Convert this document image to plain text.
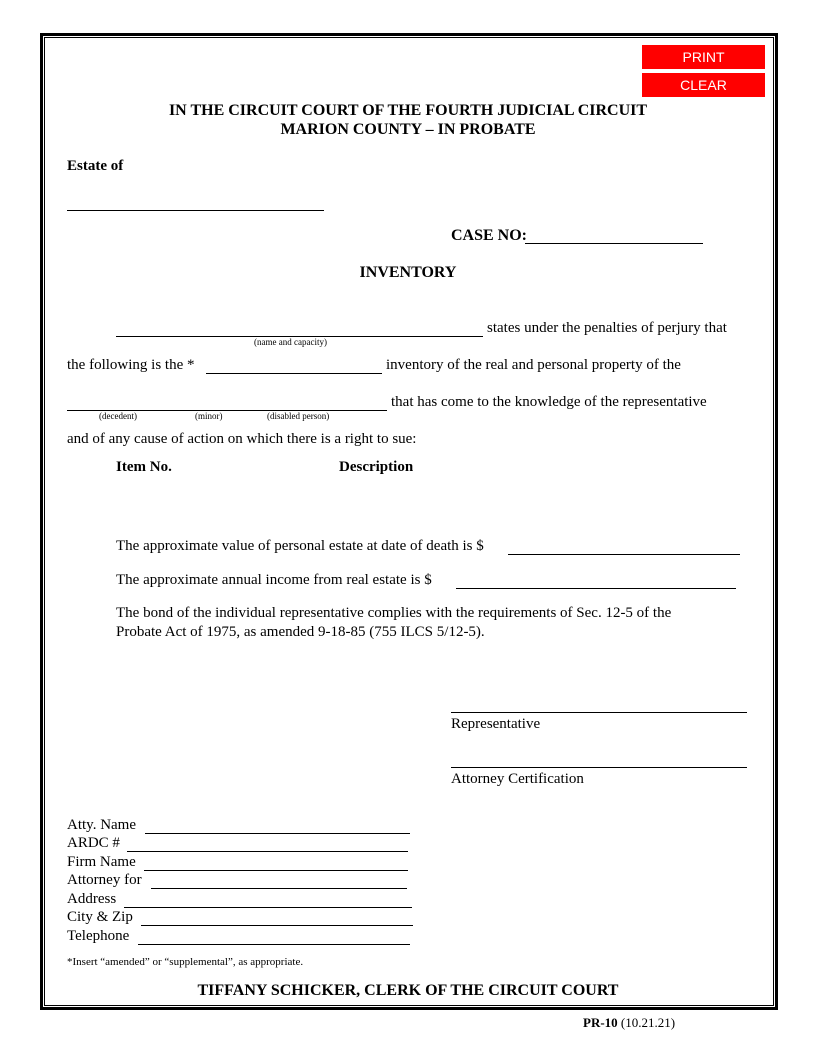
PRINT
CLEAR
IN THE CIRCUIT COURT OF THE FOURTH JUDICIAL CIRCUIT
MARION COUNTY – IN PROBATE
Estate of
CASE NO:
INVENTORY
states under the penalties of perjury that
(name and capacity)
the following is the *	inventory of the real and personal property of the
that has come to the knowledge of the representative
(decedent)	(minor)	(disabled person)
and of any cause of action on which there is a right to sue:
Item No.	Description
The approximate value of personal estate at date of death is $
The approximate annual income from real estate is $
The bond of the individual representative complies with the requirements of Sec. 12-5 of the
Probate Act of 1975, as amended 9-18-85 (755 ILCS 5/12-5).
Representative
Attorney Certification
Atty. Name
ARDC #
Firm Name
Attorney for
Address
City & Zip
Telephone
*Insert “amended” or “supplemental”, as appropriate.
TIFFANY SCHICKER, CLERK OF THE CIRCUIT COURT
PR-10 (10.21.21)
